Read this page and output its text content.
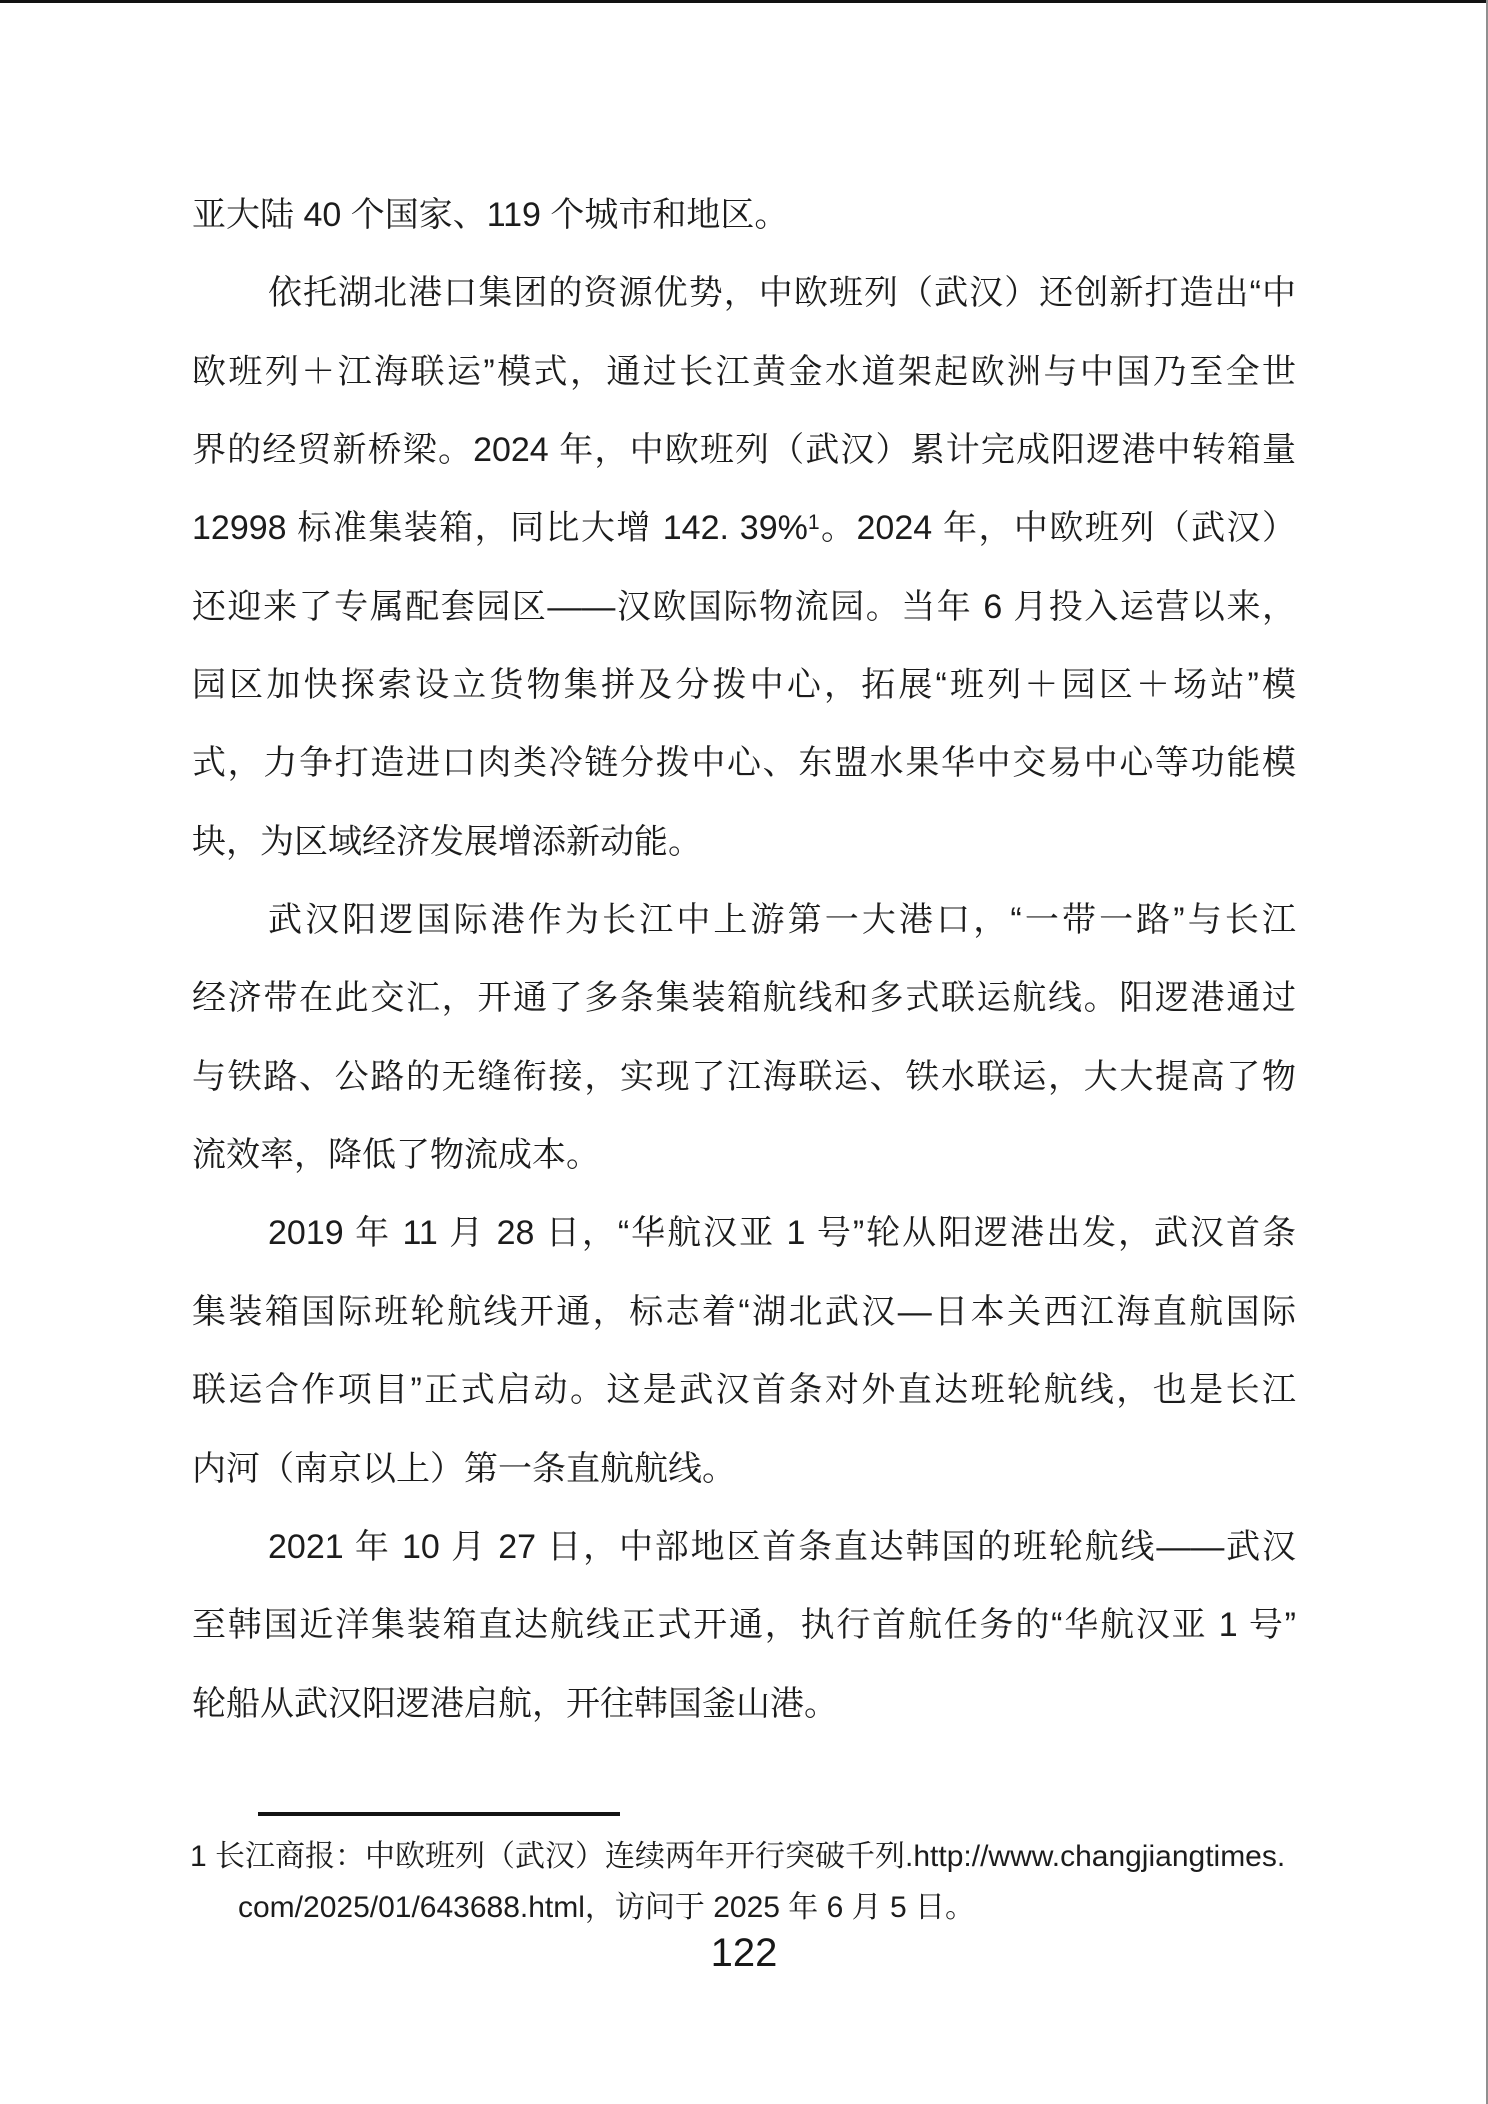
亚大陆 40 个国家、119 个城市和地区。
依托湖北港口集团的资源优势，中欧班列（武汉）还创新打造出“中
欧班列＋江海联运”模式，通过长江黄金水道架起欧洲与中国乃至全世
界的经贸新桥梁。2024 年，中欧班列（武汉）累计完成阳逻港中转箱量
12998 标准集装箱，同比大增 142. 39%$^1$。2024 年，中欧班列（武汉）
还迎来了专属配套园区——汉欧国际物流园。当年 6 月投入运营以来，
园区加快探索设立货物集拼及分拨中心，拓展“班列＋园区＋场站”模
式，力争打造进口肉类冷链分拨中心、东盟水果华中交易中心等功能模
块，为区域经济发展增添新动能。
武汉阳逻国际港作为长江中上游第一大港口，“一带一路”与长江
经济带在此交汇，开通了多条集装箱航线和多式联运航线。阳逻港通过
与铁路、公路的无缝衔接，实现了江海联运、铁水联运，大大提高了物
流效率，降低了物流成本。
2019 年 11 月 28 日，“华航汉亚 1 号”轮从阳逻港出发，武汉首条
集装箱国际班轮航线开通，标志着“湖北武汉—日本关西江海直航国际
联运合作项目”正式启动。这是武汉首条对外直达班轮航线，也是长江
内河（南京以上）第一条直航航线。
2021 年 10 月 27 日，中部地区首条直达韩国的班轮航线——武汉
至韩国近洋集装箱直达航线正式开通，执行首航任务的“华航汉亚 1 号”
轮船从武汉阳逻港启航，开往韩国釜山港。
1 长江商报：中欧班列（武汉）连续两年开行突破千列.http://www.changjiangtimes.
com/2025/01/643688.html，访问于 2025 年 6 月 5 日。
122
